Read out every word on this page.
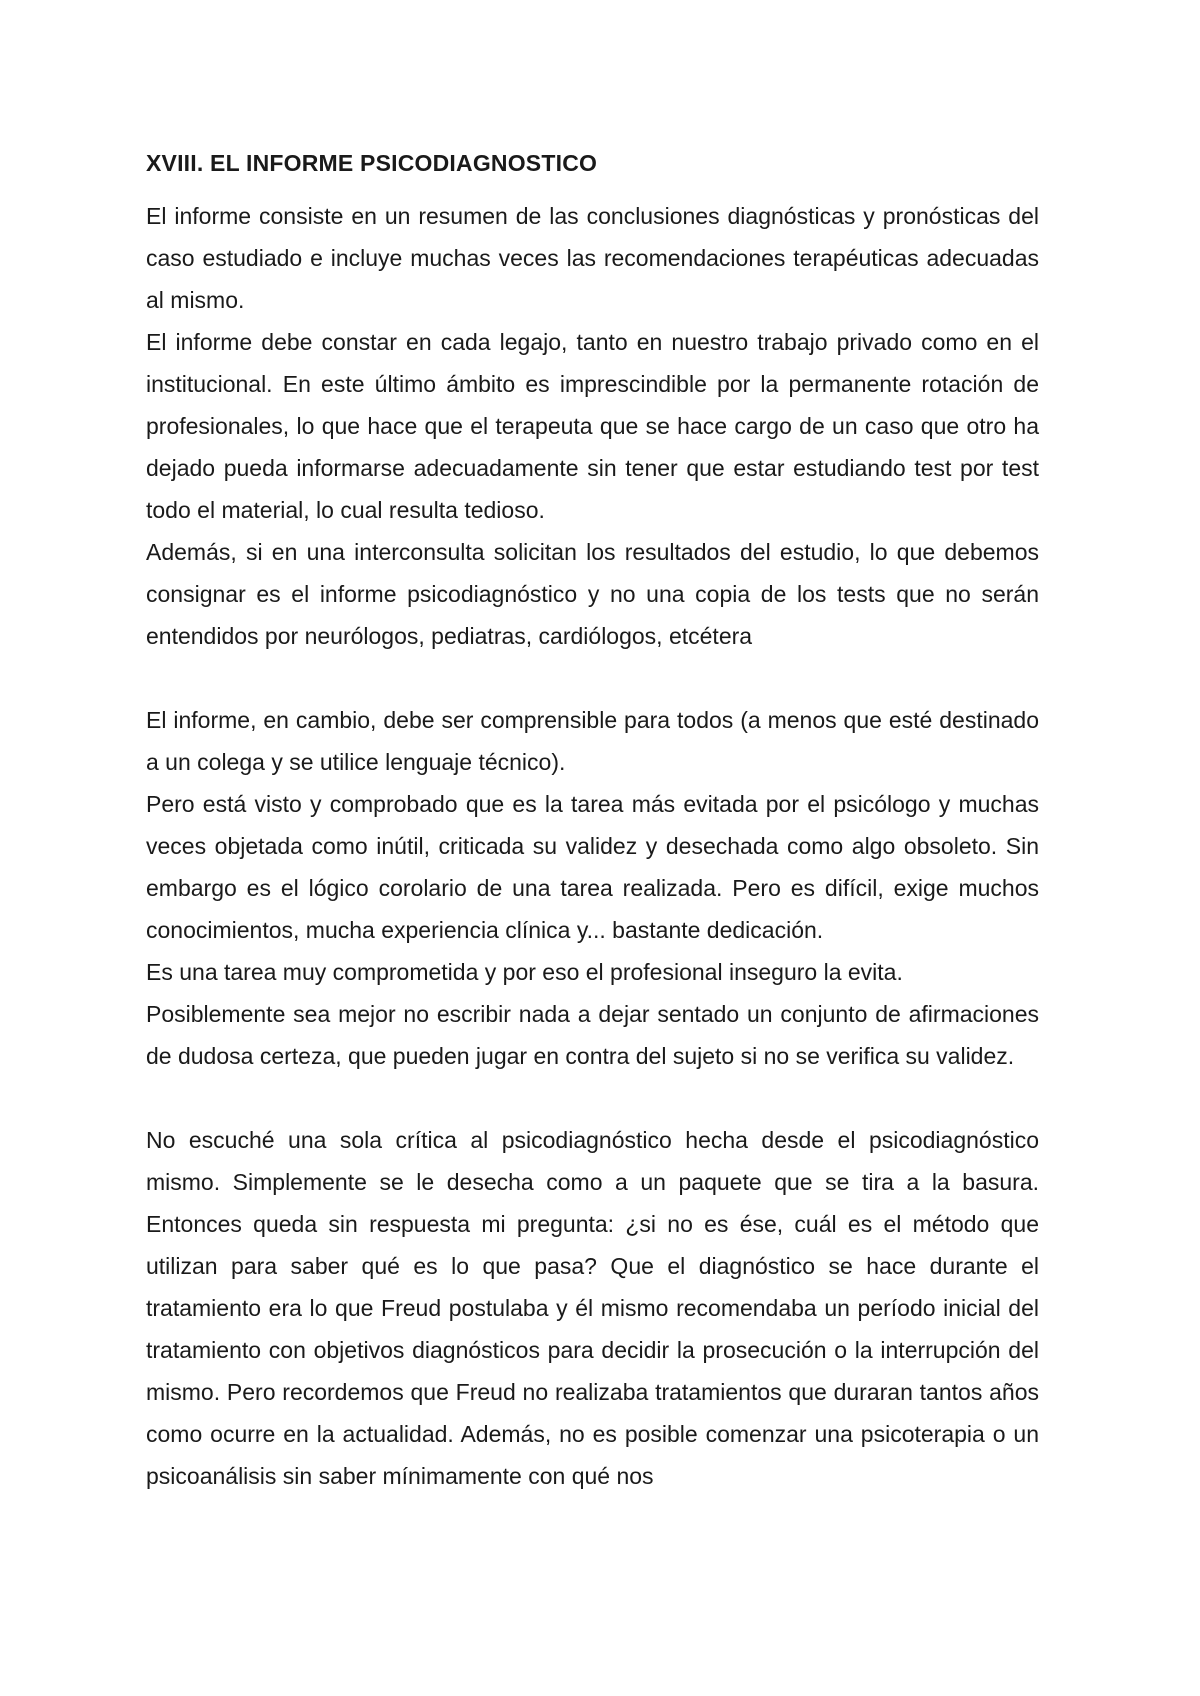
XVIII. EL INFORME PSICODIAGNOSTICO

El informe consiste en un resumen de las conclusiones diagnósticas y pronósticas del caso estudiado e incluye muchas veces las recomendaciones terapéuticas adecuadas al mismo.

El informe debe constar en cada legajo, tanto en nuestro trabajo privado como en el institucional. En este último ámbito es imprescindible por la permanente rotación de profesionales, lo que hace que el terapeuta que se hace cargo de un caso que otro ha dejado pueda informarse adecuadamente sin tener que estar estudiando test por test todo el material, lo cual resulta tedioso.

Además, si en una interconsulta solicitan los resultados del estudio, lo que debemos consignar es el informe psicodiagnóstico y no una copia de los tests que no serán entendidos por neurólogos, pediatras, cardiólogos, etcétera

El informe, en cambio, debe ser comprensible para todos (a menos que esté destinado a un colega y se utilice lenguaje técnico).

Pero está visto y comprobado que es la tarea más evitada por el psicólogo y muchas veces objetada como inútil, criticada su validez y desechada como algo obsoleto. Sin embargo es el lógico corolario de una tarea realizada. Pero es difícil, exige muchos conocimientos, mucha experiencia clínica y... bastante dedicación.

Es una tarea muy comprometida y por eso el profesional inseguro la evita.

Posiblemente sea mejor no escribir nada a dejar sentado un conjunto de afirmaciones de dudosa certeza, que pueden jugar en contra del sujeto si no se verifica su validez.

No escuché una sola crítica al psicodiagnóstico hecha desde el psicodiagnóstico mismo. Simplemente se le desecha como a un paquete que se tira a la basura. Entonces queda sin respuesta mi pregunta: ¿si no es ése, cuál es el método que utilizan para saber qué es lo que pasa? Que el diagnóstico se hace durante el tratamiento era lo que Freud postulaba y él mismo recomendaba un período inicial del tratamiento con objetivos diagnósticos para decidir la prosecución o la interrupción del mismo. Pero recordemos que Freud no realizaba tratamientos que duraran tantos años como ocurre en la actualidad. Además, no es posible comenzar una psicoterapia o un psicoanálisis sin saber mínimamente con qué nos
